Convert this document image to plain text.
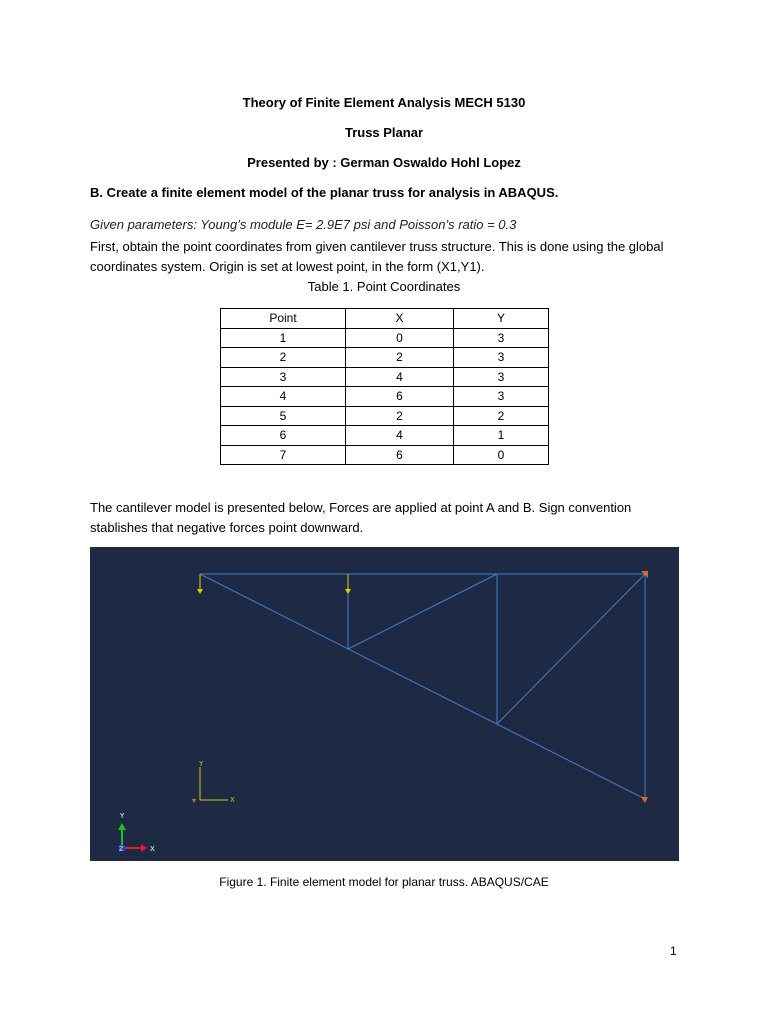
Theory of Finite Element Analysis MECH 5130
Truss Planar
Presented by : German Oswaldo Hohl Lopez
B. Create a finite element model of the planar truss for analysis in ABAQUS.
Given parameters: Young’s module E= 2.9E7 psi and Poisson’s ratio = 0.3
First, obtain the point coordinates from given cantilever truss structure. This is done using the global coordinates system. Origin is set at lowest point, in the form (X1,Y1).
Table 1. Point Coordinates
Point	X	Y
1	0	3
2	2	3
3	4	3
4	6	3
5	2	2
6	4	1
7	6	0
The cantilever model is presented below, Forces are applied at point A and B. Sign convention stablishes that negative forces point downward.
Y
X
Y
X
Z
Figure 1. Finite element model for planar truss. ABAQUS/CAE
1
